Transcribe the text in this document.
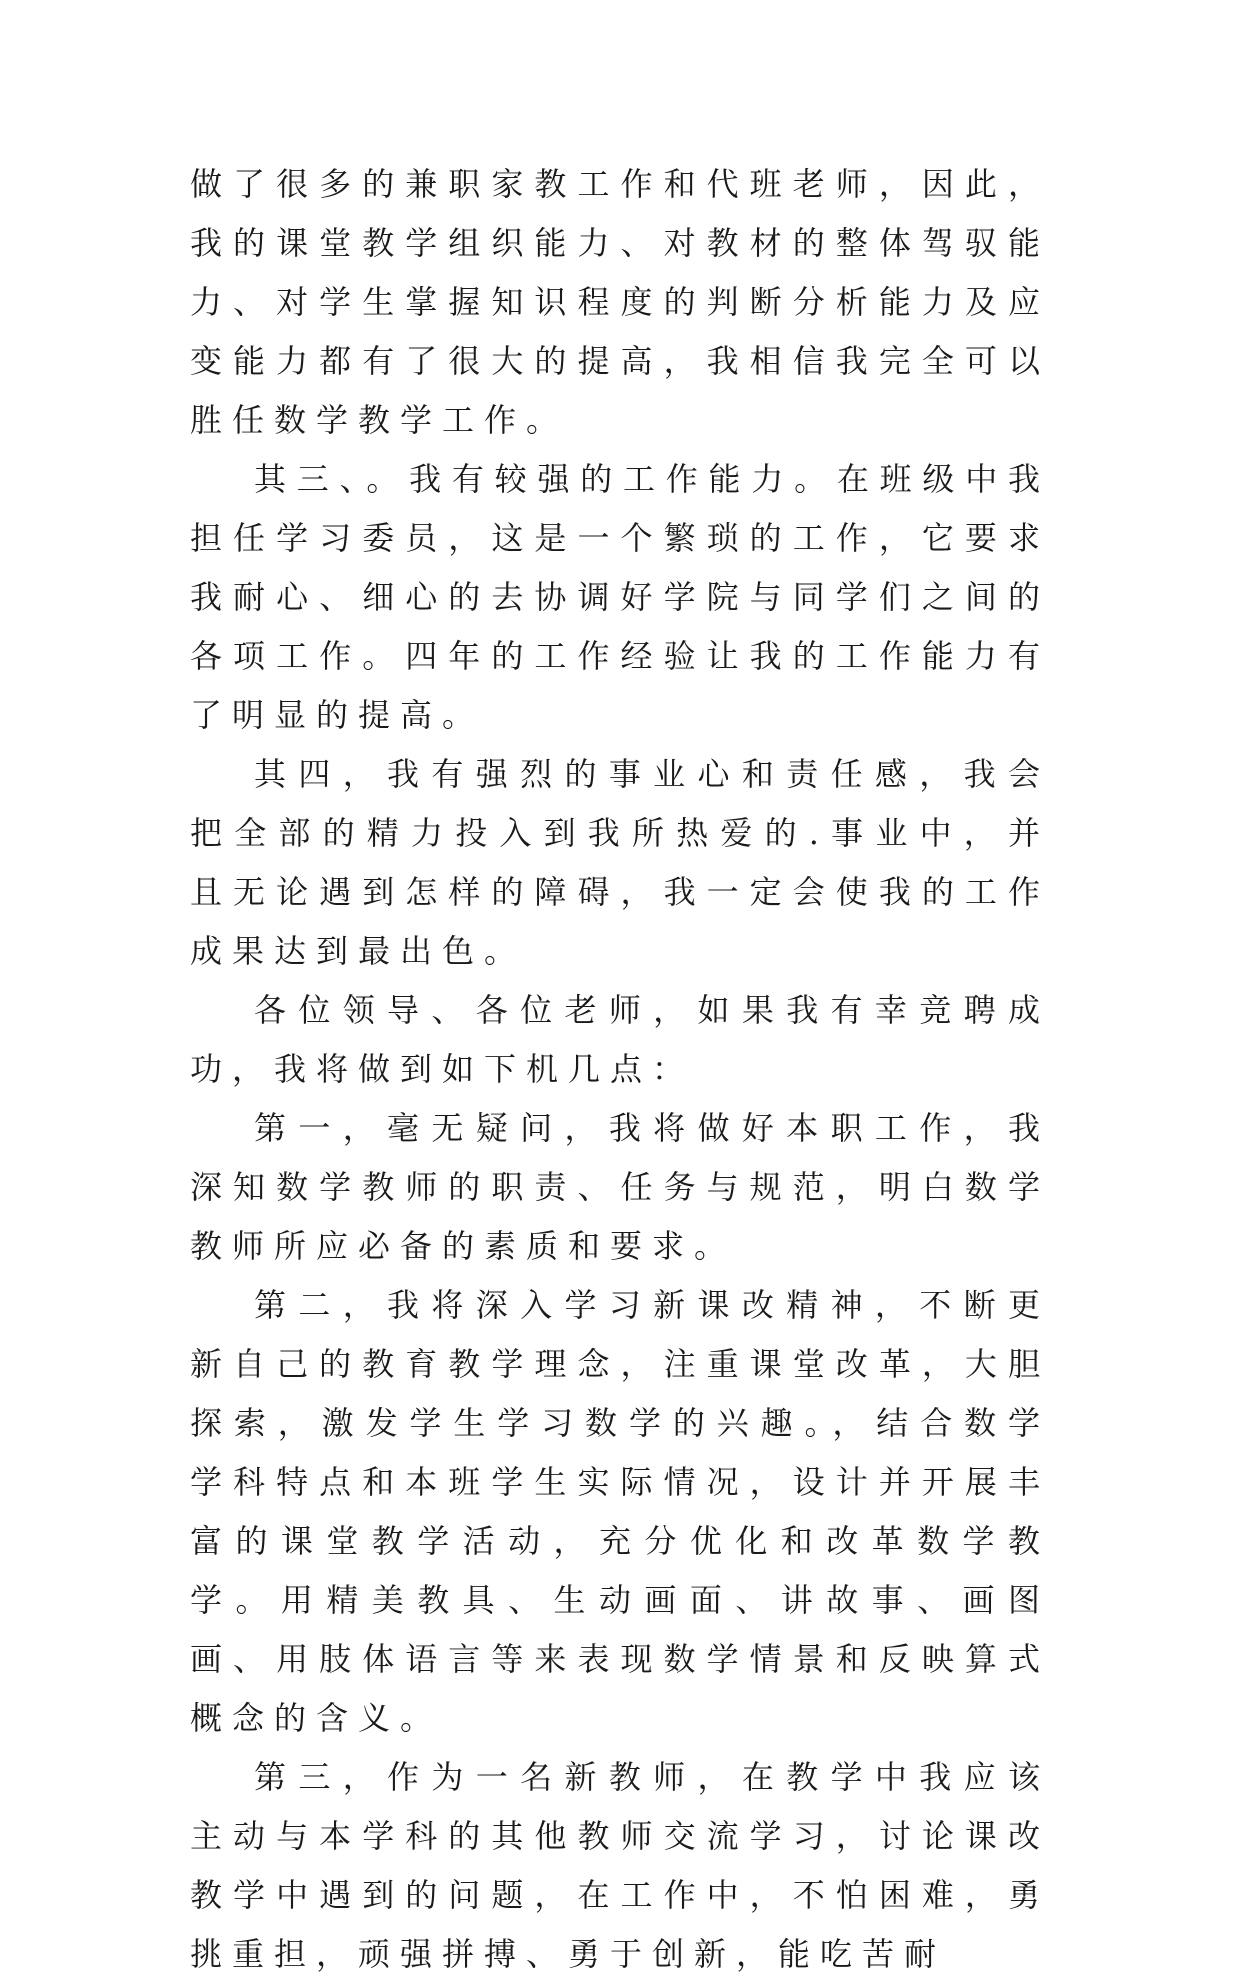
做了很多的兼职家教工作和代班老师，因此，我的课堂教学组织能力、对教材的整体驾驭能力、对学生掌握知识程度的判断分析能力及应变能力都有了很大的提高，我相信我完全可以胜任数学教学工作。

其三、。我有较强的工作能力。在班级中我担任学习委员，这是一个繁琐的工作，它要求我耐心、细心的去协调好学院与同学们之间的各项工作。四年的工作经验让我的工作能力有了明显的提高。

其四，我有强烈的事业心和责任感，我会把全部的精力投入到我所热爱的.事业中，并且无论遇到怎样的障碍，我一定会使我的工作成果达到最出色。

各位领导、各位老师，如果我有幸竞聘成功，我将做到如下机几点：

第一，毫无疑问，我将做好本职工作，我深知数学教师的职责、任务与规范，明白数学教师所应必备的素质和要求。

第二，我将深入学习新课改精神，不断更新自己的教育教学理念，注重课堂改革，大胆探索，激发学生学习数学的兴趣。，结合数学学科特点和本班学生实际情况，设计并开展丰富的课堂教学活动，充分优化和改革数学教学。用精美教具、生动画面、讲故事、画图画、用肢体语言等来表现数学情景和反映算式概念的含义。

第三，作为一名新教师，在教学中我应该主动与本学科的其他教师交流学习，讨论课改教学中遇到的问题，在工作中，不怕困难，勇挑重担，顽强拼搏、勇于创新，能吃苦耐
